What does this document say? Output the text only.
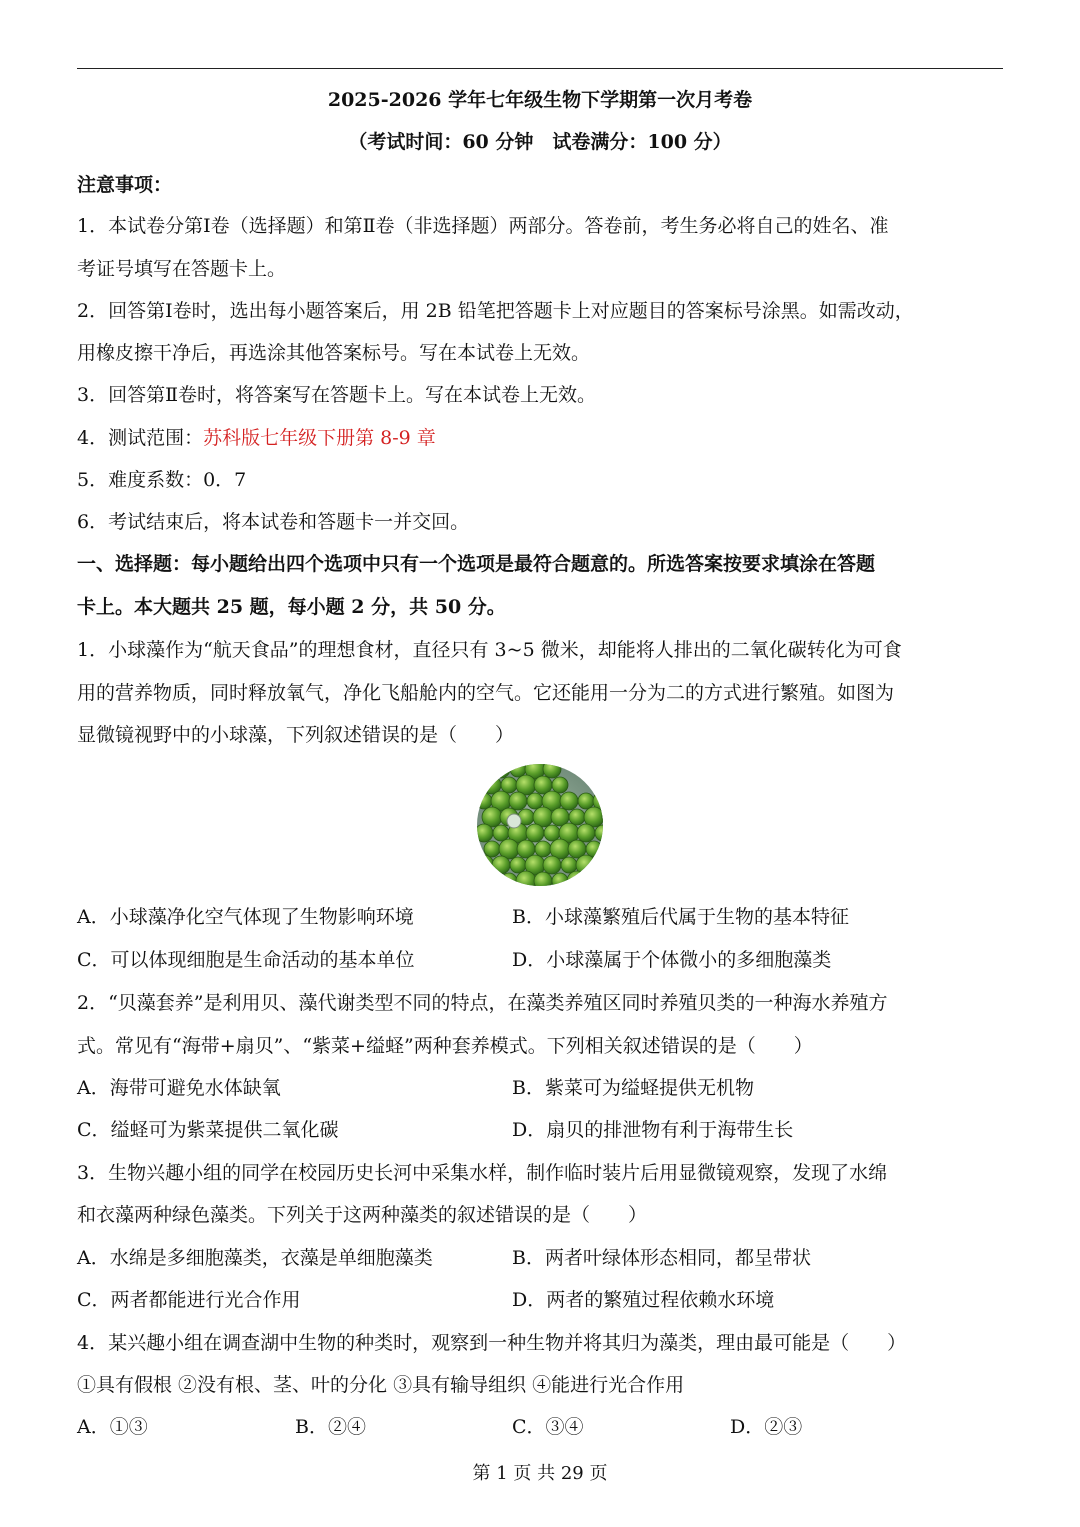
2025-2026 学年七年级生物下学期第一次月考卷
（考试时间：60 分钟　试卷满分：100 分）
注意事项：
1．本试卷分第Ⅰ卷（选择题）和第Ⅱ卷（非选择题）两部分。答卷前，考生务必将自己的姓名、准
考证号填写在答题卡上。
2．回答第Ⅰ卷时，选出每小题答案后，用 2B 铅笔把答题卡上对应题目的答案标号涂黑。如需改动，
用橡皮擦干净后，再选涂其他答案标号。写在本试卷上无效。
3．回答第Ⅱ卷时，将答案写在答题卡上。写在本试卷上无效。
4．测试范围：苏科版七年级下册第 8-9 章
5．难度系数：0．7
6．考试结束后，将本试卷和答题卡一并交回。
一、选择题：每小题给出四个选项中只有一个选项是最符合题意的。所选答案按要求填涂在答题
卡上。本大题共 25 题，每小题 2 分，共 50 分。
1．小球藻作为“航天食品”的理想食材，直径只有 3~5 微米，却能将人排出的二氧化碳转化为可食
用的营养物质，同时释放氧气，净化飞船舱内的空气。它还能用一分为二的方式进行繁殖。如图为
显微镜视野中的小球藻，下列叙述错误的是（　　）
A．小球藻净化空气体现了生物影响环境	B．小球藻繁殖后代属于生物的基本特征
C．可以体现细胞是生命活动的基本单位	D．小球藻属于个体微小的多细胞藻类
2．“贝藻套养”是利用贝、藻代谢类型不同的特点，在藻类养殖区同时养殖贝类的一种海水养殖方
式。常见有“海带+扇贝”、“紫菜+缢蛏”两种套养模式。下列相关叙述错误的是（　　）
A．海带可避免水体缺氧	B．紫菜可为缢蛏提供无机物
C．缢蛏可为紫菜提供二氧化碳	D．扇贝的排泄物有利于海带生长
3．生物兴趣小组的同学在校园历史长河中采集水样，制作临时装片后用显微镜观察，发现了水绵
和衣藻两种绿色藻类。下列关于这两种藻类的叙述错误的是（　　）
A．水绵是多细胞藻类，衣藻是单细胞藻类	B．两者叶绿体形态相同，都呈带状
C．两者都能进行光合作用	D．两者的繁殖过程依赖水环境
4．某兴趣小组在调查湖中生物的种类时，观察到一种生物并将其归为藻类，理由最可能是（　　）
①具有假根 ②没有根、茎、叶的分化 ③具有输导组织 ④能进行光合作用
A．①③	B．②④	C．③④	D．②③
第 1 页 共 29 页
